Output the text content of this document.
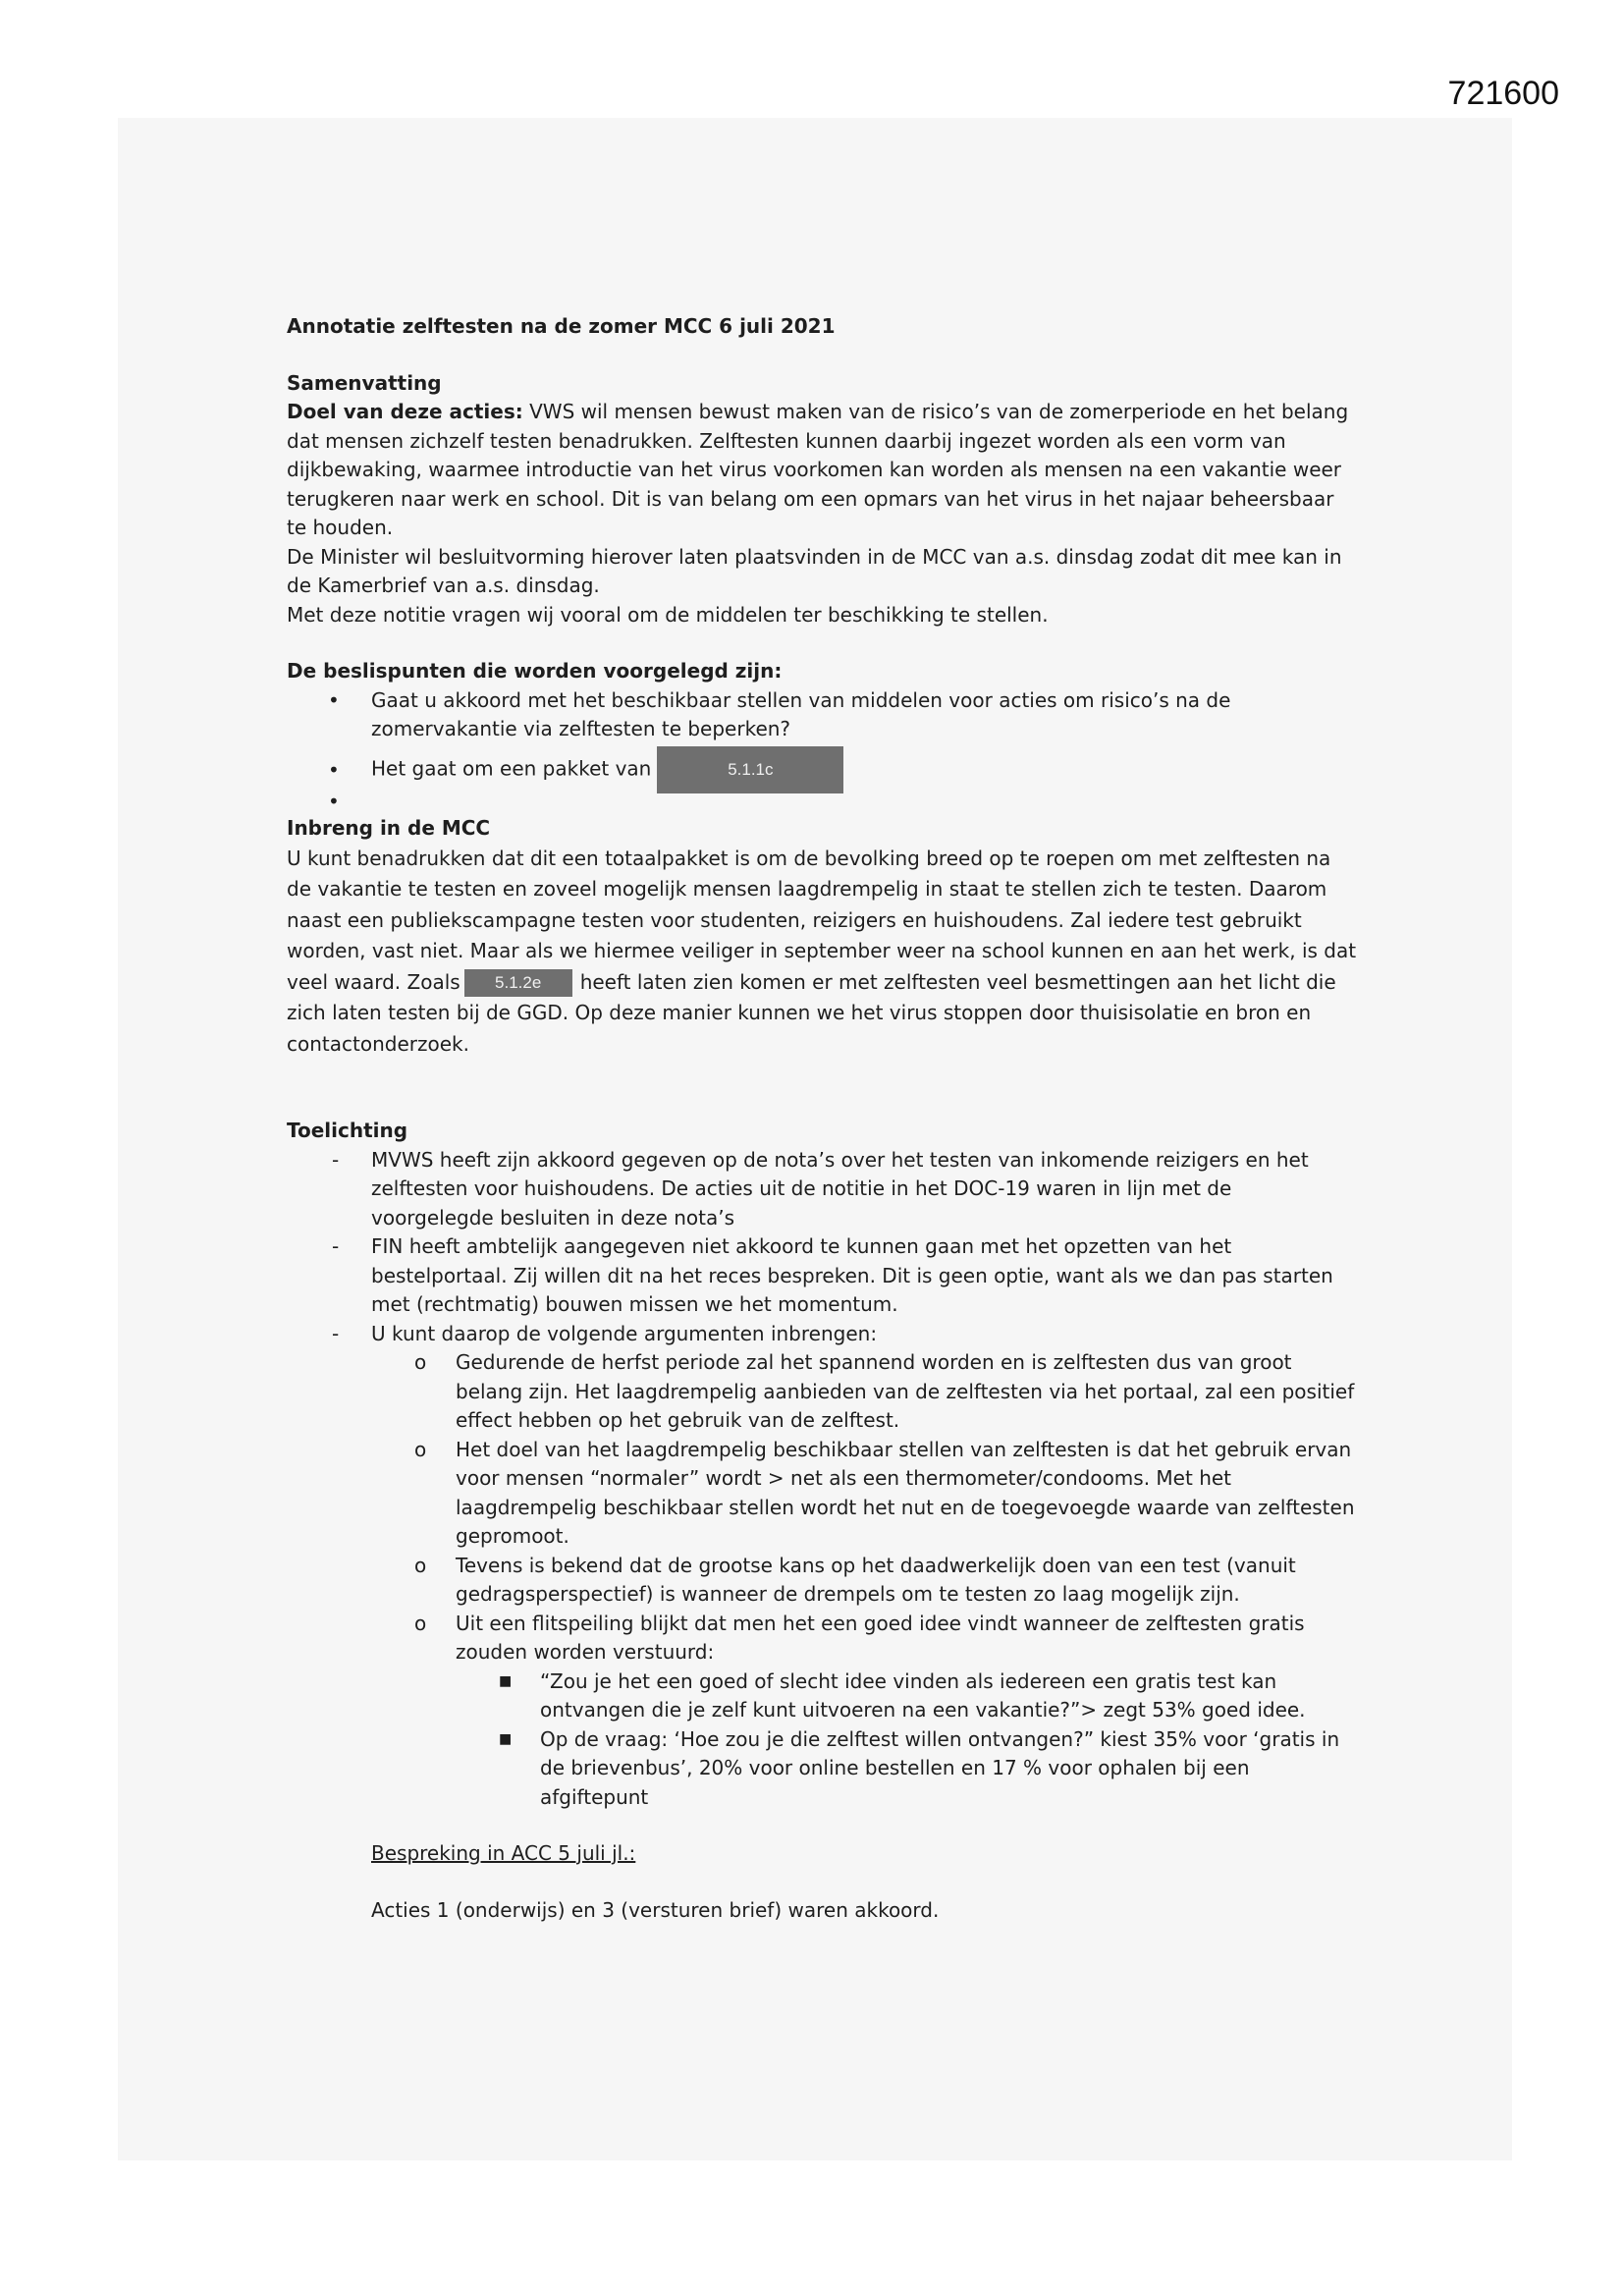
721600

Annotatie zelftesten na de zomer MCC 6 juli 2021

Samenvatting

Doel van deze acties: VWS wil mensen bewust maken van de risico’s van de zomerperiode en het belang dat mensen zichzelf testen benadrukken. Zelftesten kunnen daarbij ingezet worden als een vorm van dijkbewaking, waarmee introductie van het virus voorkomen kan worden als mensen na een vakantie weer terugkeren naar werk en school. Dit is van belang om een opmars van het virus in het najaar beheersbaar te houden.

De Minister wil besluitvorming hierover laten plaatsvinden in de MCC van a.s. dinsdag zodat dit mee kan in de Kamerbrief van a.s. dinsdag.

Met deze notitie vragen wij vooral om de middelen ter beschikking te stellen.

De beslispunten die worden voorgelegd zijn:

• Gaat u akkoord met het beschikbaar stellen van middelen voor acties om risico’s na de zomervakantie via zelftesten te beperken?
• Het gaat om een pakket van	5.1.1c
•

Inbreng in de MCC

U kunt benadrukken dat dit een totaalpakket is om de bevolking breed op te roepen om met zelftesten na de vakantie te testen en zoveel mogelijk mensen laagdrempelig in staat te stellen zich te testen. Daarom naast een publiekscampagne testen voor studenten, reizigers en huishoudens. Zal iedere test gebruikt worden, vast niet. Maar als we hiermee veiliger in september weer na school kunnen en aan het werk, is dat veel waard. Zoals 5.1.2e heeft laten zien komen er met zelftesten veel besmettingen aan het licht die zich laten testen bij de GGD. Op deze manier kunnen we het virus stoppen door thuisisolatie en bron en contactonderzoek.

Toelichting

- MVWS heeft zijn akkoord gegeven op de nota’s over het testen van inkomende reizigers en het zelftesten voor huishoudens. De acties uit de notitie in het DOC-19 waren in lijn met de voorgelegde besluiten in deze nota’s
- FIN heeft ambtelijk aangegeven niet akkoord te kunnen gaan met het opzetten van het bestelportaal. Zij willen dit na het reces bespreken. Dit is geen optie, want als we dan pas starten met (rechtmatig) bouwen missen we het momentum.
- U kunt daarop de volgende argumenten inbrengen:
o Gedurende de herfst periode zal het spannend worden en is zelftesten dus van groot belang zijn. Het laagdrempelig aanbieden van de zelftesten via het portaal, zal een positief effect hebben op het gebruik van de zelftest.
o Het doel van het laagdrempelig beschikbaar stellen van zelftesten is dat het gebruik ervan voor mensen “normaler” wordt > net als een thermometer/condooms. Met het laagdrempelig beschikbaar stellen wordt het nut en de toegevoegde waarde van zelftesten gepromoot.
o Tevens is bekend dat de grootse kans op het daadwerkelijk doen van een test (vanuit gedragsperspectief) is wanneer de drempels om te testen zo laag mogelijk zijn.
o Uit een flitspeiling blijkt dat men het een goed idee vindt wanneer de zelftesten gratis zouden worden verstuurd:
■ “Zou je het een goed of slecht idee vinden als iedereen een gratis test kan ontvangen die je zelf kunt uitvoeren na een vakantie?”> zegt 53% goed idee.
■ Op de vraag: ‘Hoe zou je die zelftest willen ontvangen?” kiest 35% voor ‘gratis in de brievenbus’, 20% voor online bestellen en 17 % voor ophalen bij een afgiftepunt

Bespreking in ACC 5 juli jl.:

Acties 1 (onderwijs) en 3 (versturen brief) waren akkoord.
